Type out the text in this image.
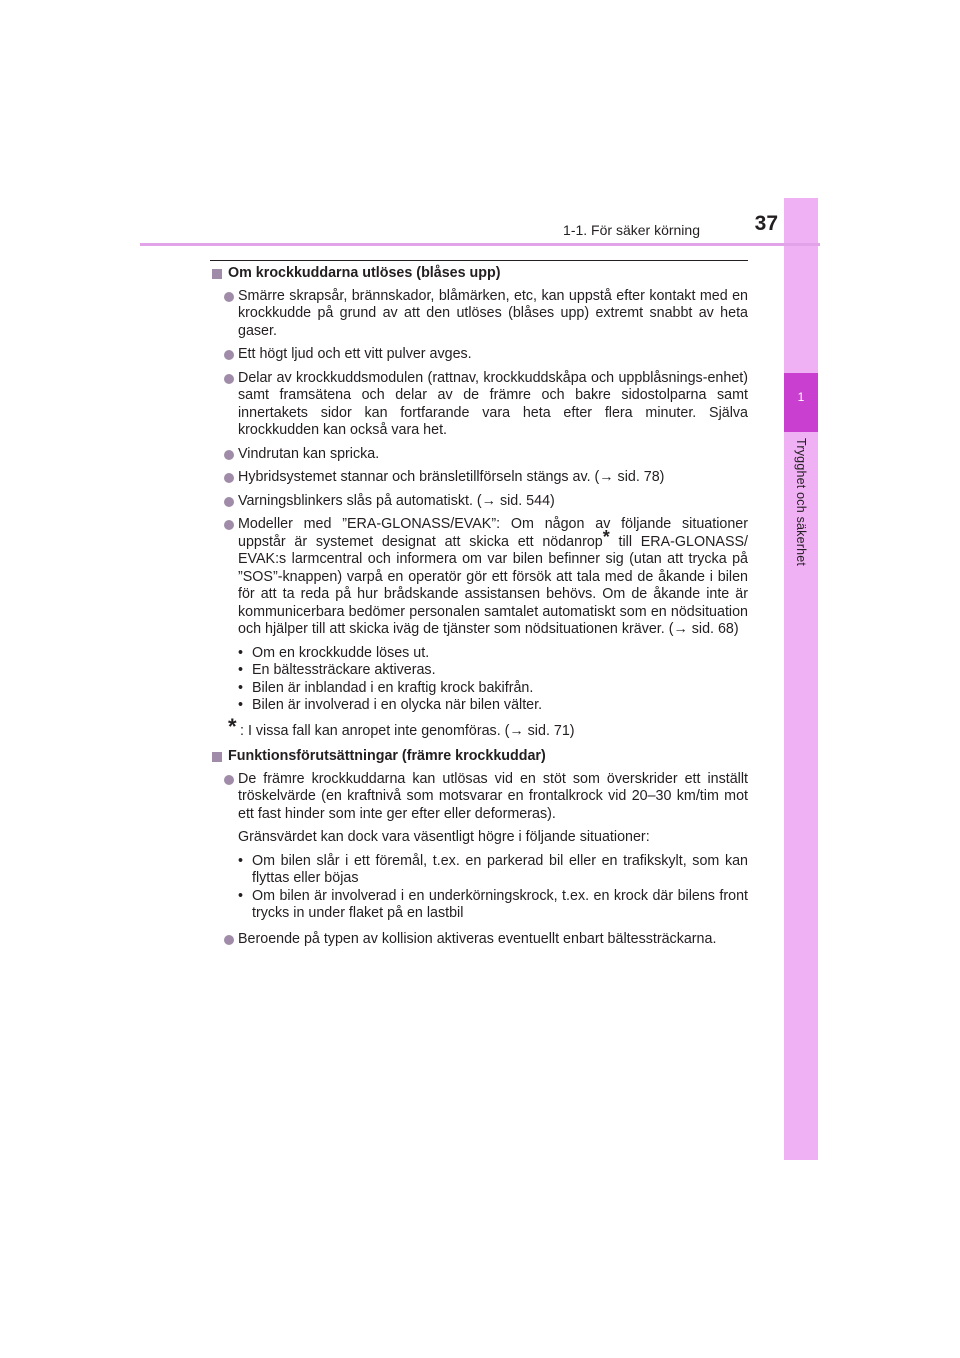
1
Trygghet och säkerhet
1-1. För säker körning	37
Om krockkuddarna utlöses (blåses upp)
Smärre skrapsår, brännskador, blåmärken, etc, kan uppstå efter kontakt med en krockkudde på grund av att den utlöses (blåses upp) extremt snabbt av heta gaser.
Ett högt ljud och ett vitt pulver avges.
Delar av krockkuddsmodulen (rattnav, krockkuddskåpa och uppblåsnings-enhet) samt framsätena och delar av de främre och bakre sidostolparna samt innertakets sidor kan fortfarande vara heta efter flera minuter. Själva krockkudden kan också vara het.
Vindrutan kan spricka.
Hybridsystemet stannar och bränsletillförseln stängs av. (→ sid. 78)
Varningsblinkers slås på automatiskt. (→ sid. 544)
Modeller med ”ERA-GLONASS/EVAK”: Om någon av följande situationer uppstår är systemet designat att skicka ett nödanrop* till ERA-GLONASS/ EVAK:s larmcentral och informera om var bilen befinner sig (utan att trycka på ”SOS”-knappen) varpå en operatör gör ett försök att tala med de åkande i bilen för att ta reda på hur brådskande assistansen behövs. Om de åkande inte är kommunicerbara bedömer personalen samtalet automatiskt som en nödsituation och hjälper till att skicka iväg de tjänster som nödsituationen kräver. (→ sid. 68)
• Om en krockkudde löses ut.
• En bältessträckare aktiveras.
• Bilen är inblandad i en kraftig krock bakifrån.
• Bilen är involverad i en olycka när bilen välter.
* : I vissa fall kan anropet inte genomföras. (→ sid. 71)
Funktionsförutsättningar (främre krockkuddar)
De främre krockkuddarna kan utlösas vid en stöt som överskrider ett inställt tröskelvärde (en kraftnivå som motsvarar en frontalkrock vid 20–30 km/tim mot ett fast hinder som inte ger efter eller deformeras).
Gränsvärdet kan dock vara väsentligt högre i följande situationer:
• Om bilen slår i ett föremål, t.ex. en parkerad bil eller en trafikskylt, som kan flyttas eller böjas
• Om bilen är involverad i en underkörningskrock, t.ex. en krock där bilens front trycks in under flaket på en lastbil
Beroende på typen av kollision aktiveras eventuellt enbart bältessträckarna.
